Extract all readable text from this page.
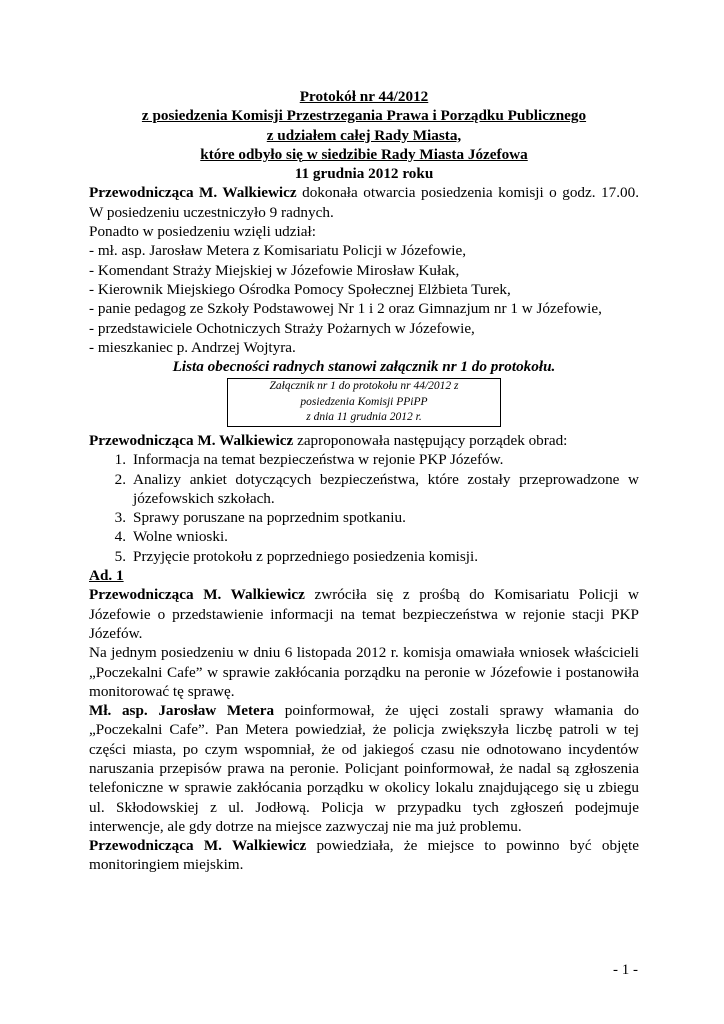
Protokół nr 44/2012

z posiedzenia Komisji Przestrzegania Prawa i Porządku Publicznego

z udziałem całej Rady Miasta,

które odbyło się w siedzibie Rady Miasta Józefowa

11 grudnia 2012 roku

Przewodnicząca M. Walkiewicz dokonała otwarcia posiedzenia komisji o godz. 17.00. W posiedzeniu uczestniczyło 9 radnych.

Ponadto w posiedzeniu wzięli udział:

- mł. asp. Jarosław Metera z Komisariatu Policji w Józefowie,
- Komendant Straży Miejskiej w Józefowie Mirosław Kułak,
- Kierownik Miejskiego Ośrodka Pomocy Społecznej Elżbieta Turek,
- panie pedagog ze Szkoły Podstawowej Nr 1 i 2 oraz Gimnazjum nr 1 w Józefowie,
- przedstawiciele Ochotniczych Straży Pożarnych w Józefowie,
- mieszkaniec p. Andrzej Wojtyra.

Lista obecności radnych stanowi załącznik nr 1 do protokołu.

Załącznik nr 1 do protokołu nr 44/2012 z
posiedzenia Komisji PPiPP
z dnia 11 grudnia 2012 r.

Przewodnicząca M. Walkiewicz zaproponowała następujący porządek obrad:

1. Informacja na temat bezpieczeństwa w rejonie PKP Józefów.
2. Analizy ankiet dotyczących bezpieczeństwa, które zostały przeprowadzone w józefowskich szkołach.
3. Sprawy poruszane na poprzednim spotkaniu.
4. Wolne wnioski.
5. Przyjęcie protokołu z poprzedniego posiedzenia komisji.

Ad. 1

Przewodnicząca M. Walkiewicz zwróciła się z prośbą do Komisariatu Policji w Józefowie o przedstawienie informacji na temat bezpieczeństwa w rejonie stacji PKP Józefów.

Na jednym posiedzeniu w dniu 6 listopada 2012 r. komisja omawiała wniosek właścicieli „Poczekalni Cafe” w sprawie zakłócania porządku na peronie w Józefowie i postanowiła monitorować tę sprawę.

Mł. asp. Jarosław Metera poinformował, że ujęci zostali sprawy włamania do „Poczekalni Cafe”. Pan Metera powiedział, że policja zwiększyła liczbę patroli w tej części miasta, po czym wspomniał, że od jakiegoś czasu nie odnotowano incydentów naruszania przepisów prawa na peronie. Policjant poinformował, że nadal są zgłoszenia telefoniczne w sprawie zakłócania porządku w okolicy lokalu znajdującego się u zbiegu ul. Skłodowskiej z ul. Jodłową. Policja w przypadku tych zgłoszeń podejmuje interwencje, ale gdy dotrze na miejsce zazwyczaj nie ma już problemu.

Przewodnicząca M. Walkiewicz powiedziała, że miejsce to powinno być objęte monitoringiem miejskim.

- 1 -
